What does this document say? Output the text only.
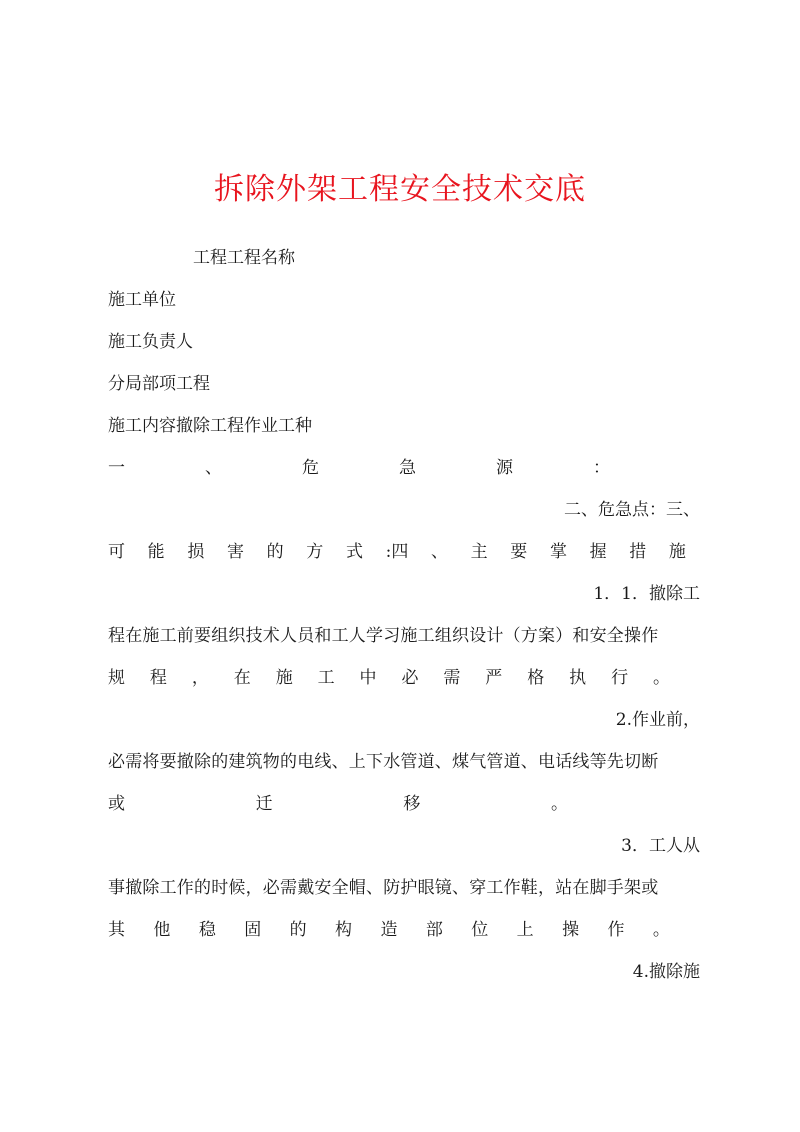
拆除外架工程安全技术交底
工程工程名称
施工单位
施工负责人
分局部项工程
施工内容撤除工程作业工种
一	、	危	急	源	：
二、危急点：三、
可 能 损 害 的 方 式 :四 、 主 要 掌 握 措 施
1．1．撤除工
程在施工前要组织技术人员和工人学习施工组织设计（方案）和安全操作
规 程 ， 在 施 工 中 必 需 严 格 执 行 。
2.作业前，
必需将要撤除的建筑物的电线、上下水管道、煤气管道、电话线等先切断
或	迁	移	。
3．工人从
事撤除工作的时候，必需戴安全帽、防护眼镜、穿工作鞋，站在脚手架或
其 他 稳 固 的 构 造 部 位 上 操 作 。
4.撤除施
